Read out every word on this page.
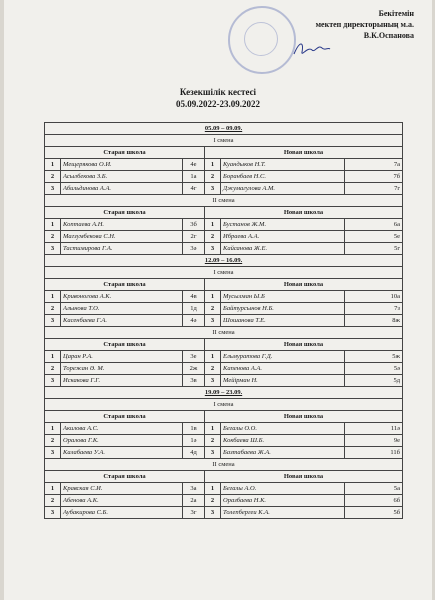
Бекітемін
мектеп директорының м.а.
В.К.Оспанова
Кезекшілік кестесі
05.09.2022-23.09.2022
05.09 – 09.09.					
I смена					
Старая школа			Новая школа		
1	Мещерякова О.И.	4е	1	Куандыков Н.Т.	7а
2	Асылбекова З.Б.	1а	2	Боранбаев Н.С.	7б
3	Абильдинова А.А.	4г	3	Джумагулова А.М.	7г
II смена					
Старая школа			Новая школа		
1	Коптаева А.Н.	3б	1	Бустанов Ж.М.	6а
2	Магзумбекова С.Н.	2г	2	Ибраева А.А.	5е
3	Тастимирова Г.А.	3ә	3	Кайсанова Ж.Е.	5г
12.09 – 16.09.					
I смена					
Старая школа			Новая школа		
1	Кривоногова А.К.	4в	1	Мусылман Ы.Б	10а
2	Алынова Т.О.	1д	2	Байтурсынов Н.Б.	7з
3	Касенбаева Г.А.	4ә	3	Шошанова Т.Е.	8ж
II смена					
Старая школа			Новая школа		
1	Царан Р.А.	3е	1	Ельмуратова Г.Д.	5ж
2	Торежан Ә. М.	2ж	2	Капенова А.А.	5ә
3	Искакова Г.Г.	3в	3	Мейірман Н.	5д
19.09 – 23.09.					
I смена					
Старая школа			Новая школа		
1	Акилова А.С.	1в	1	Бегалы О.О.	11ә
2	Оралова Г.К.	1ә	2	Кокбаева Ш.Б.	9е
3	Калабаева У.А.	4д	3	Базтабаева Ж.А.	11б
II смена					
Старая школа			Новая школа		
1	Кравская С.И.	3а	1	Бегалы А.О.	5а
2	Абенова А.К.	2а	2	Оразбаева Н.К.	6б
3	Аубакирова С.Б.	3г	3	Толепбергеи К.А.	5б
